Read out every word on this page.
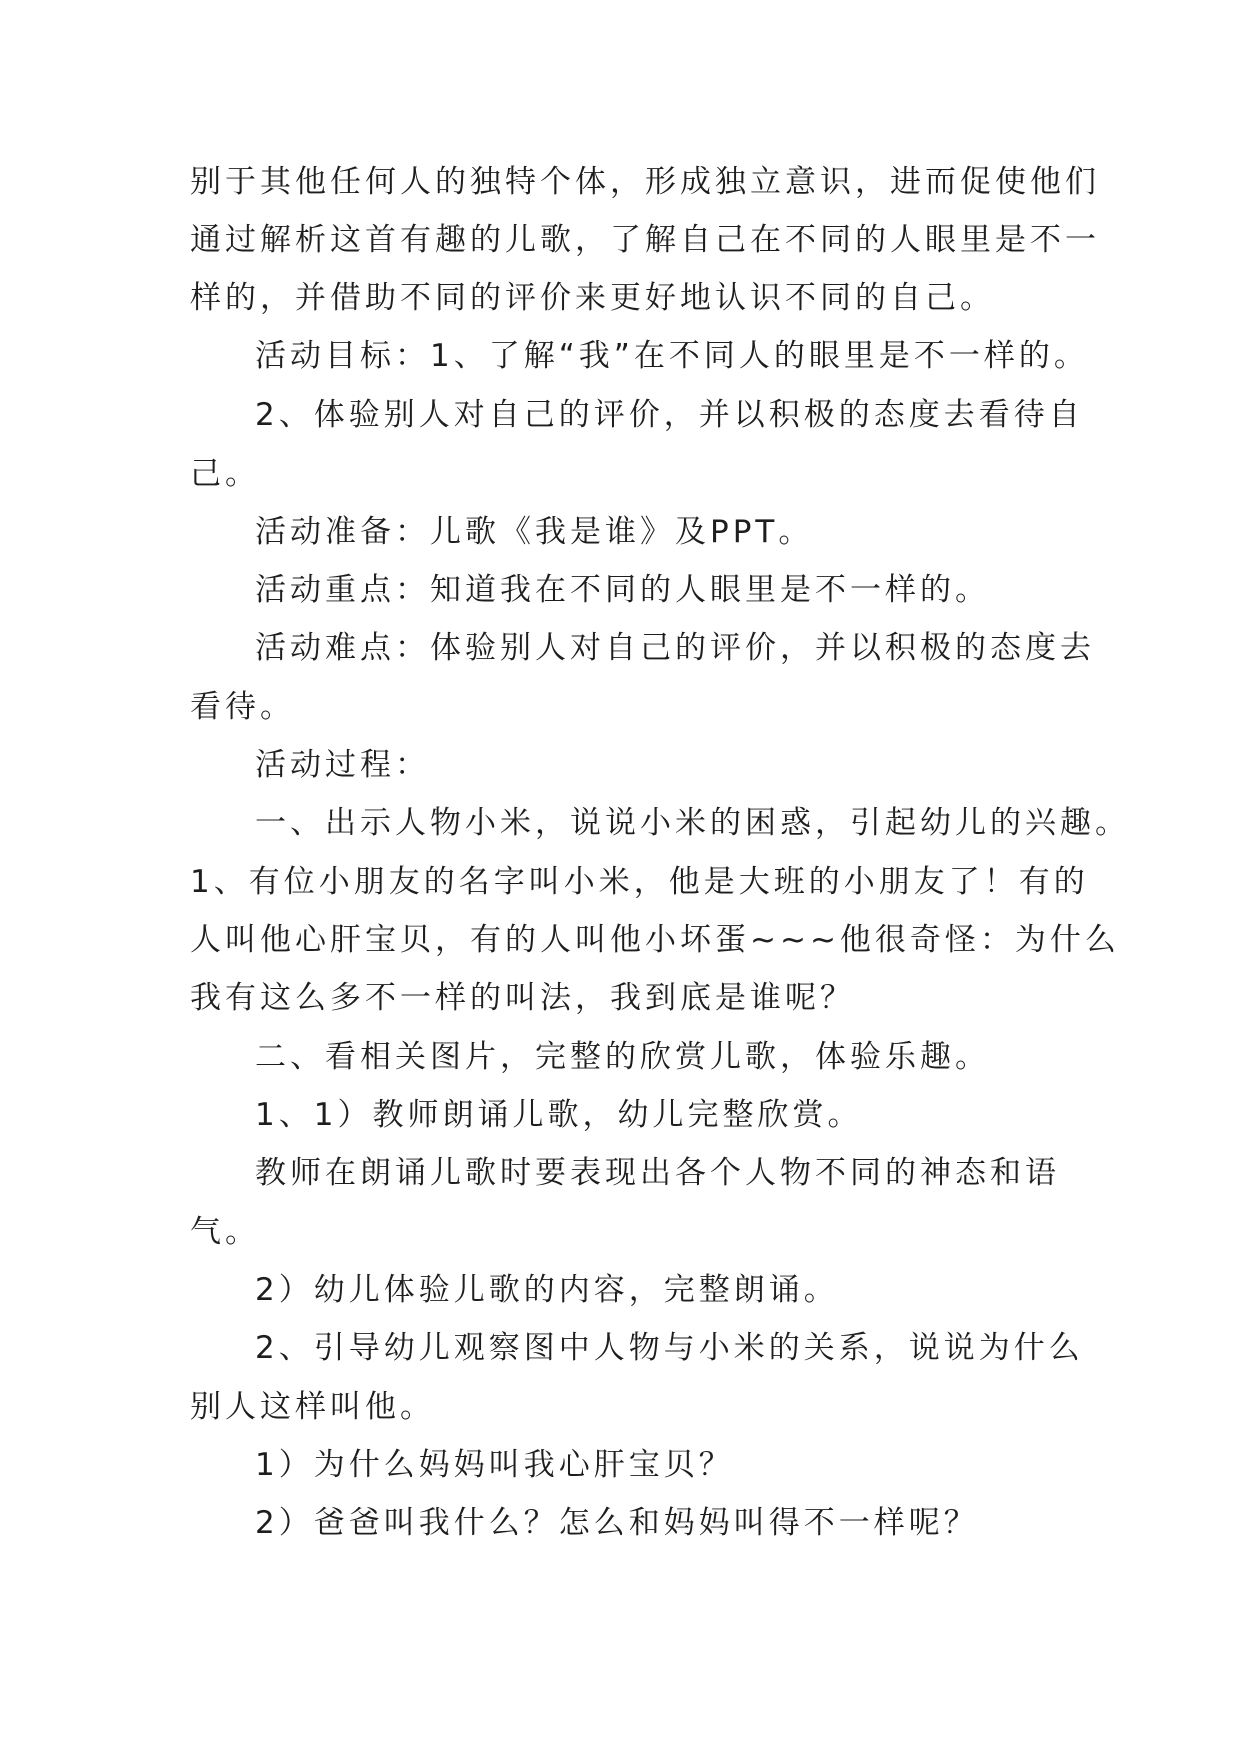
别于其他任何人的独特个体，形成独立意识，进而促使他们
通过解析这首有趣的儿歌，了解自己在不同的人眼里是不一
样的，并借助不同的评价来更好地认识不同的自己。
活动目标：1、了解“我”在不同人的眼里是不一样的。
2、体验别人对自己的评价，并以积极的态度去看待自
己。
活动准备：儿歌《我是谁》及PPT。
活动重点：知道我在不同的人眼里是不一样的。
活动难点：体验别人对自己的评价，并以积极的态度去
看待。
活动过程：
一、出示人物小米，说说小米的困惑，引起幼儿的兴趣。
1、有位小朋友的名字叫小米，他是大班的小朋友了！有的
人叫他心肝宝贝，有的人叫他小坏蛋~~~他很奇怪：为什么
我有这么多不一样的叫法，我到底是谁呢？
二、看相关图片，完整的欣赏儿歌，体验乐趣。
1、1）教师朗诵儿歌，幼儿完整欣赏。
教师在朗诵儿歌时要表现出各个人物不同的神态和语
气。
2）幼儿体验儿歌的内容，完整朗诵。
2、引导幼儿观察图中人物与小米的关系，说说为什么
别人这样叫他。
1）为什么妈妈叫我心肝宝贝？
2）爸爸叫我什么？怎么和妈妈叫得不一样呢？
